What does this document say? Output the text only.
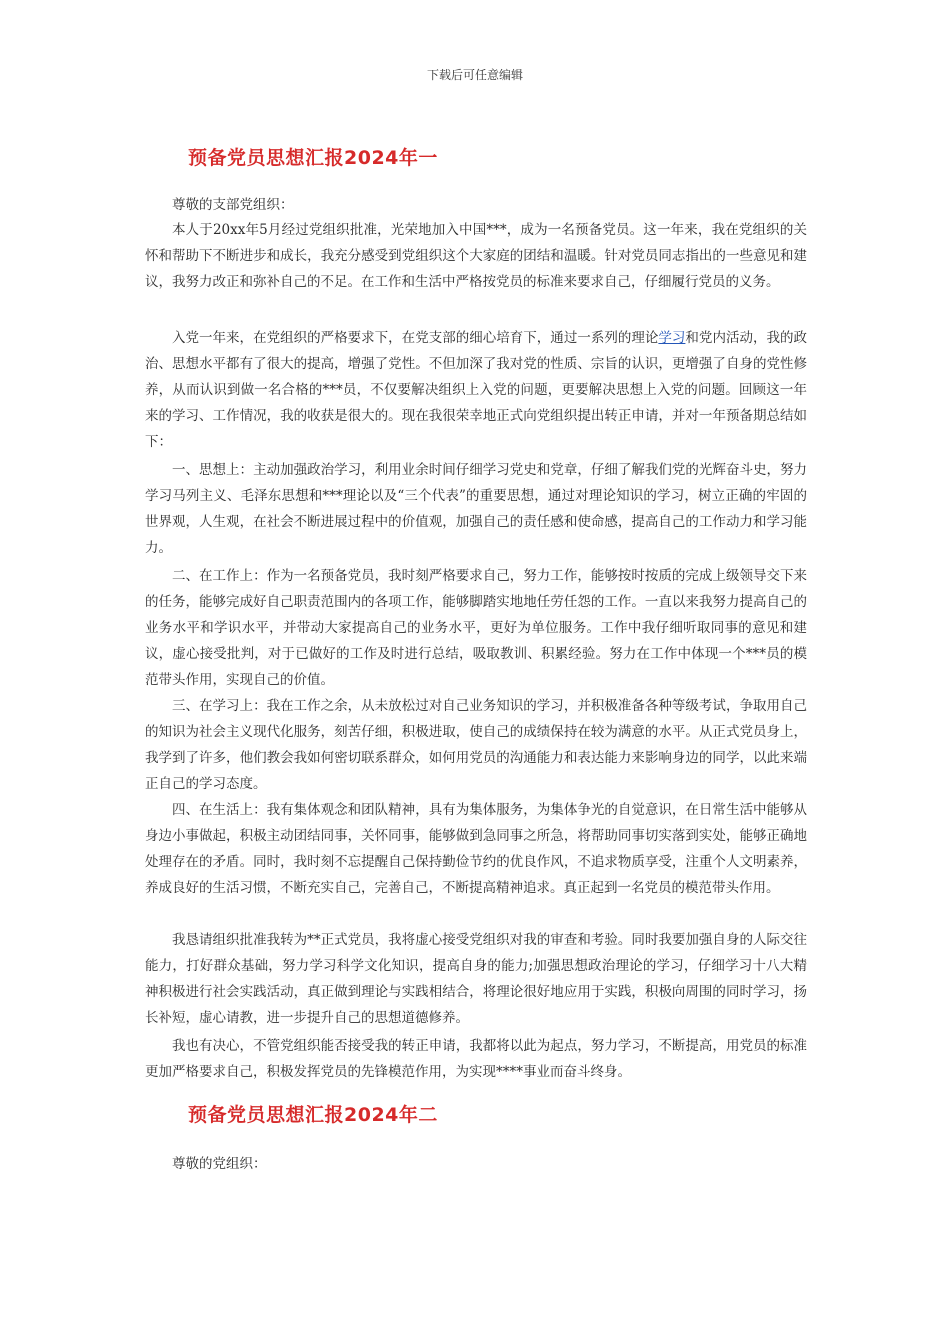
下载后可任意编辑
预备党员思想汇报2024年一

尊敬的支部党组织：

本人于20xx年5月经过党组织批准，光荣地加入中国***，成为一名预备党员。这一年来，我在党组织的关怀和帮助下不断进步和成长，我充分感受到党组织这个大家庭的团结和温暖。针对党员同志指出的一些意见和建议，我努力改正和弥补自己的不足。在工作和生活中严格按党员的标准来要求自己，仔细履行党员的义务。

入党一年来，在党组织的严格要求下，在党支部的细心培育下，通过一系列的理论学习和党内活动，我的政治、思想水平都有了很大的提高，增强了党性。不但加深了我对党的性质、宗旨的认识，更增强了自身的党性修养，从而认识到做一名合格的***员，不仅要解决组织上入党的问题，更要解决思想上入党的问题。回顾这一年来的学习、工作情况，我的收获是很大的。现在我很荣幸地正式向党组织提出转正申请，并对一年预备期总结如下：

一、思想上：主动加强政治学习，利用业余时间仔细学习党史和党章，仔细了解我们党的光辉奋斗史，努力学习马列主义、毛泽东思想和***理论以及“三个代表”的重要思想，通过对理论知识的学习，树立正确的牢固的世界观，人生观，在社会不断进展过程中的价值观，加强自己的责任感和使命感，提高自己的工作动力和学习能力。

二、在工作上：作为一名预备党员，我时刻严格要求自己，努力工作，能够按时按质的完成上级领导交下来的任务，能够完成好自己职责范围内的各项工作，能够脚踏实地地任劳任怨的工作。一直以来我努力提高自己的业务水平和学识水平，并带动大家提高自己的业务水平，更好为单位服务。工作中我仔细听取同事的意见和建议，虚心接受批判，对于已做好的工作及时进行总结，吸取教训、积累经验。努力在工作中体现一个***员的模范带头作用，实现自己的价值。

三、在学习上：我在工作之余，从未放松过对自己业务知识的学习，并积极准备各种等级考试，争取用自己的知识为社会主义现代化服务，刻苦仔细，积极进取，使自己的成绩保持在较为满意的水平。从正式党员身上，我学到了许多，他们教会我如何密切联系群众，如何用党员的沟通能力和表达能力来影响身边的同学，以此来端正自己的学习态度。

四、在生活上：我有集体观念和团队精神，具有为集体服务，为集体争光的自觉意识，在日常生活中能够从身边小事做起，积极主动团结同事，关怀同事，能够做到急同事之所急，将帮助同事切实落到实处，能够正确地处理存在的矛盾。同时，我时刻不忘提醒自己保持勤俭节约的优良作风，不追求物质享受，注重个人文明素养，养成良好的生活习惯，不断充实自己，完善自己，不断提高精神追求。真正起到一名党员的模范带头作用。

我恳请组织批准我转为**正式党员，我将虚心接受党组织对我的审查和考验。同时我要加强自身的人际交往能力，打好群众基础，努力学习科学文化知识，提高自身的能力;加强思想政治理论的学习，仔细学习十八大精神积极进行社会实践活动，真正做到理论与实践相结合，将理论很好地应用于实践，积极向周围的同时学习，扬长补短，虚心请教，进一步提升自己的思想道德修养。

我也有决心，不管党组织能否接受我的转正申请，我都将以此为起点，努力学习，不断提高，用党员的标准更加严格要求自己，积极发挥党员的先锋模范作用，为实现****事业而奋斗终身。

预备党员思想汇报2024年二

尊敬的党组织：
